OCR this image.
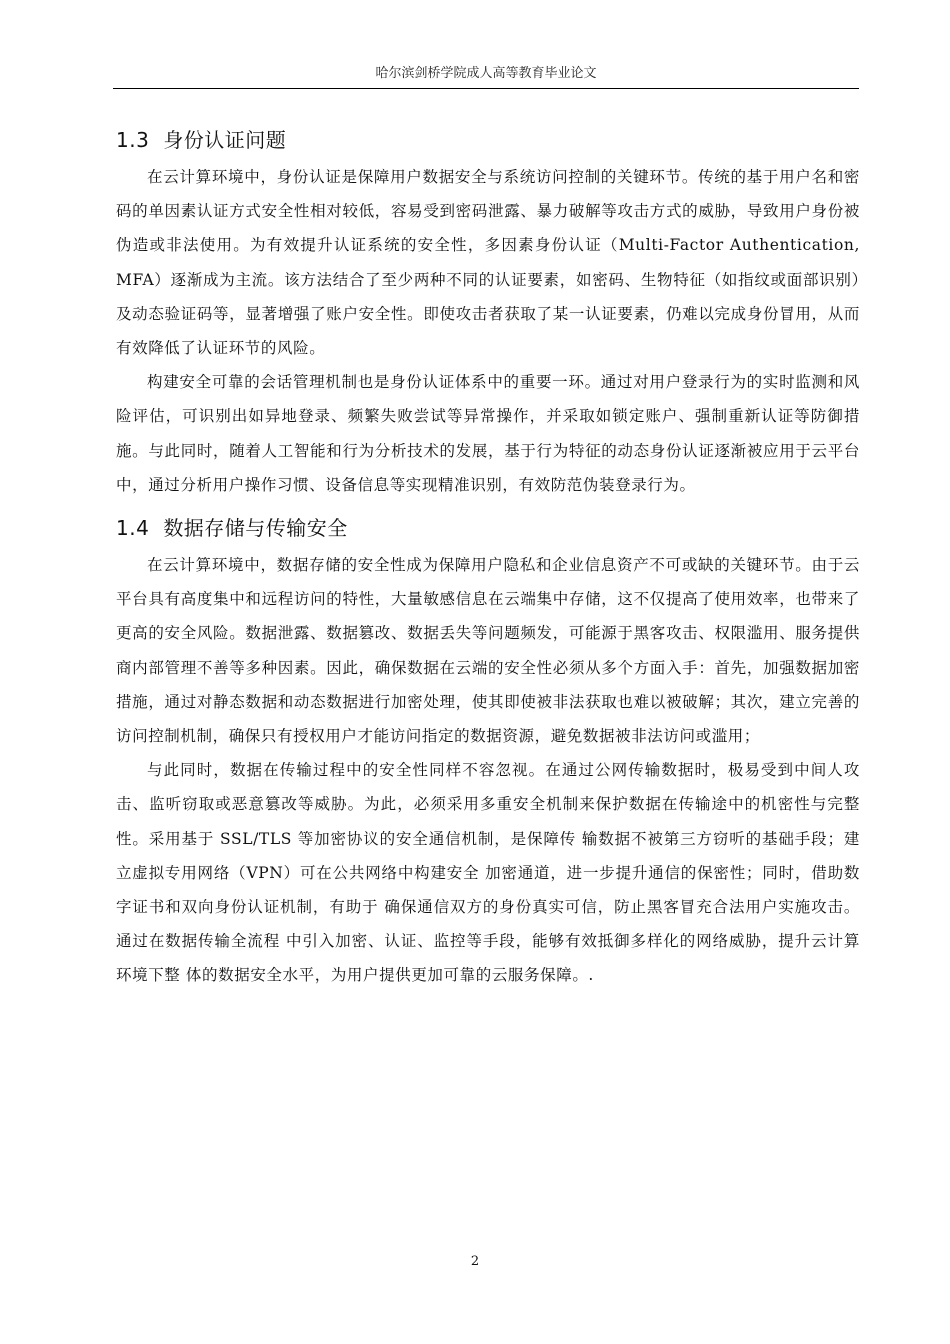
哈尔滨剑桥学院成人高等教育毕业论文
1.3 身份认证问题

在云计算环境中，身份认证是保障用户数据安全与系统访问控制的关键环节。传统的基于用户名和密码的单因素认证方式安全性相对较低，容易受到密码泄露、暴力破解等攻击方式的威胁，导致用户身份被伪造或非法使用。为有效提升认证系统的安全性，多因素身份认证（Multi-Factor Authentication, MFA）逐渐成为主流。该方法结合了至少两种不同的认证要素，如密码、生物特征（如指纹或面部识别）及动态验证码等，显著增强了账户安全性。即使攻击者获取了某一认证要素，仍难以完成身份冒用，从而有效降低了认证环节的风险。

构建安全可靠的会话管理机制也是身份认证体系中的重要一环。通过对用户登录行为的实时监测和风险评估，可识别出如异地登录、频繁失败尝试等异常操作，并采取如锁定账户、强制重新认证等防御措施。与此同时，随着人工智能和行为分析技术的发展，基于行为特征的动态身份认证逐渐被应用于云平台中，通过分析用户操作习惯、设备信息等实现精准识别，有效防范伪装登录行为。

1.4 数据存储与传输安全

在云计算环境中，数据存储的安全性成为保障用户隐私和企业信息资产不可或缺的关键环节。由于云平台具有高度集中和远程访问的特性，大量敏感信息在云端集中存储，这不仅提高了使用效率，也带来了更高的安全风险。数据泄露、数据篡改、数据丢失等问题频发，可能源于黑客攻击、权限滥用、服务提供商内部管理不善等多种因素。因此，确保数据在云端的安全性必须从多个方面入手：首先，加强数据加密措施，通过对静态数据和动态数据进行加密处理，使其即使被非法获取也难以被破解；其次，建立完善的访问控制机制，确保只有授权用户才能访问指定的数据资源，避免数据被非法访问或滥用；

与此同时，数据在传输过程中的安全性同样不容忽视。在通过公网传输数据时，极易受到中间人攻击、监听窃取或恶意篡改等威胁。为此，必须采用多重安全机制来保护数据在传输途中的机密性与完整性。采用基于 SSL/TLS 等加密协议的安全通信机制，是保障传 输数据不被第三方窃听的基础手段；建立虚拟专用网络（VPN）可在公共网络中构建安全 加密通道，进一步提升通信的保密性；同时，借助数字证书和双向身份认证机制，有助于 确保通信双方的身份真实可信，防止黑客冒充合法用户实施攻击。通过在数据传输全流程 中引入加密、认证、监控等手段，能够有效抵御多样化的网络威胁，提升云计算环境下整 体的数据安全水平，为用户提供更加可靠的云服务保障。.

2
